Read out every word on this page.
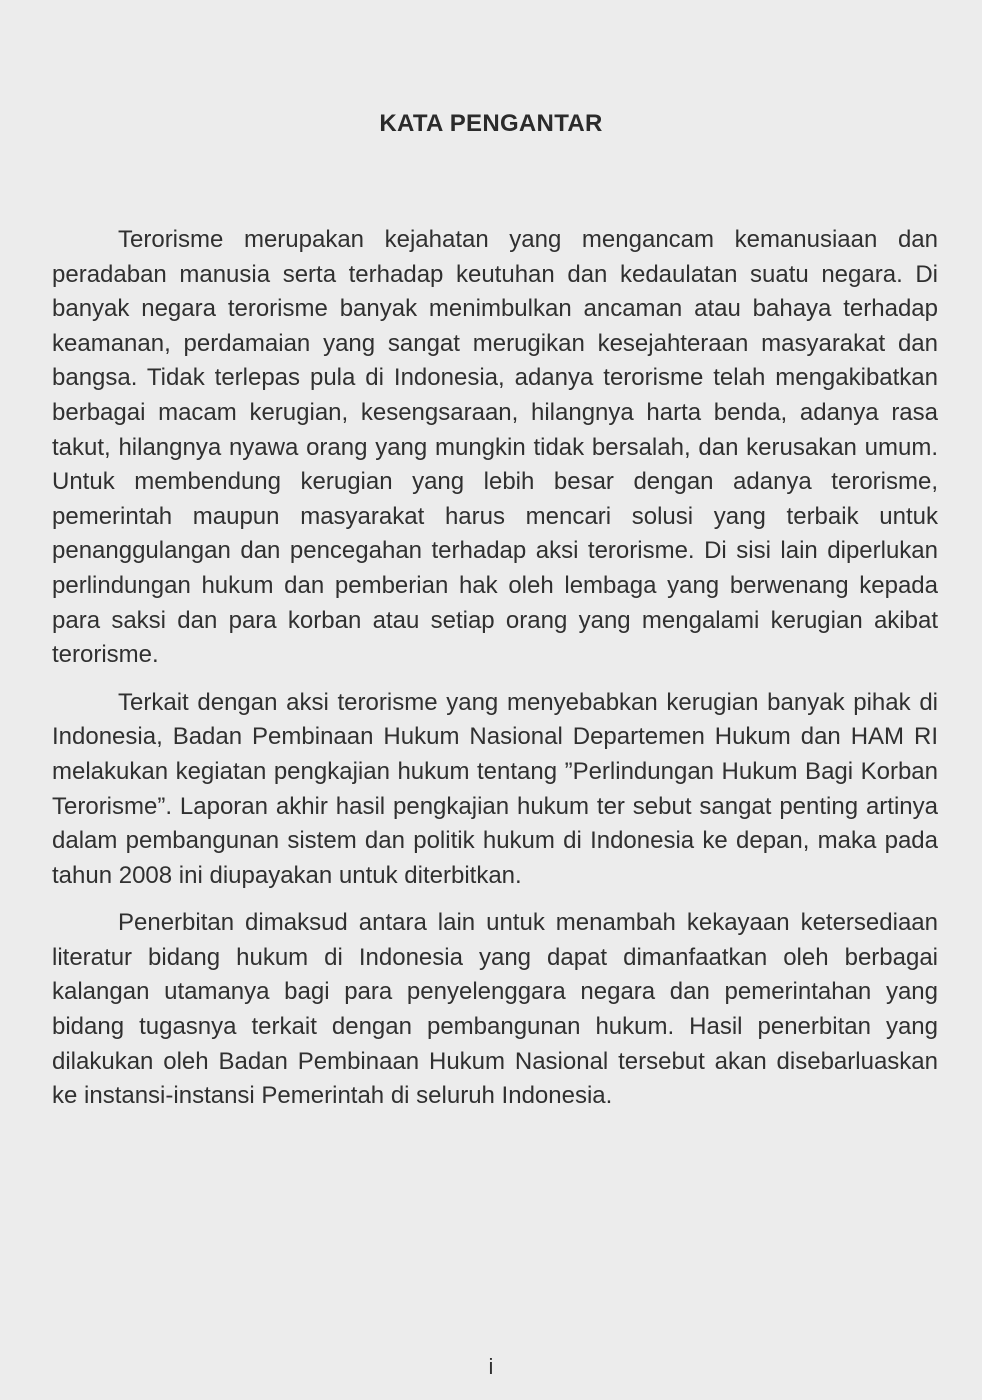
KATA PENGANTAR

Terorisme merupakan kejahatan yang mengancam kemanusiaan dan peradaban manusia serta terhadap keutuhan dan kedaulatan suatu negara. Di banyak negara terorisme banyak menimbulkan ancaman atau bahaya terhadap keamanan, perdamaian yang sangat merugikan kesejahteraan masyarakat dan bangsa. Tidak terlepas pula di Indonesia, adanya terorisme telah mengakibatkan berbagai macam kerugian, kesengsaraan, hilangnya harta benda, adanya rasa takut, hilangnya nyawa orang yang mungkin tidak bersalah, dan kerusakan umum. Untuk membendung kerugian yang lebih besar dengan adanya terorisme, pemerintah maupun masyarakat harus mencari solusi yang terbaik untuk penanggulangan dan pencegahan terhadap aksi terorisme. Di sisi lain diperlukan perlindungan hukum dan pemberian hak oleh lembaga yang berwenang kepada para saksi dan para korban atau setiap orang yang mengalami kerugian akibat terorisme.

Terkait dengan aksi terorisme yang menyebabkan kerugian banyak pihak di Indonesia, Badan Pembinaan Hukum Nasional Departemen Hukum dan HAM RI melakukan kegiatan pengkajian hukum tentang ”Perlindungan Hukum Bagi Korban Terorisme”. Laporan akhir hasil pengkajian hukum ter sebut sangat penting artinya dalam pembangunan sistem dan politik hukum di Indonesia ke depan, maka pada tahun 2008 ini diupayakan untuk diterbitkan.

Penerbitan dimaksud antara lain untuk menambah kekayaan ketersediaan literatur bidang hukum di Indonesia yang dapat dimanfaatkan oleh berbagai kalangan utamanya bagi para penyelenggara negara dan pemerintahan yang bidang tugasnya terkait dengan pembangunan hukum. Hasil penerbitan yang dilakukan oleh Badan Pembinaan Hukum Nasional tersebut akan disebarluaskan ke instansi-instansi Pemerintah di seluruh Indonesia.

i
